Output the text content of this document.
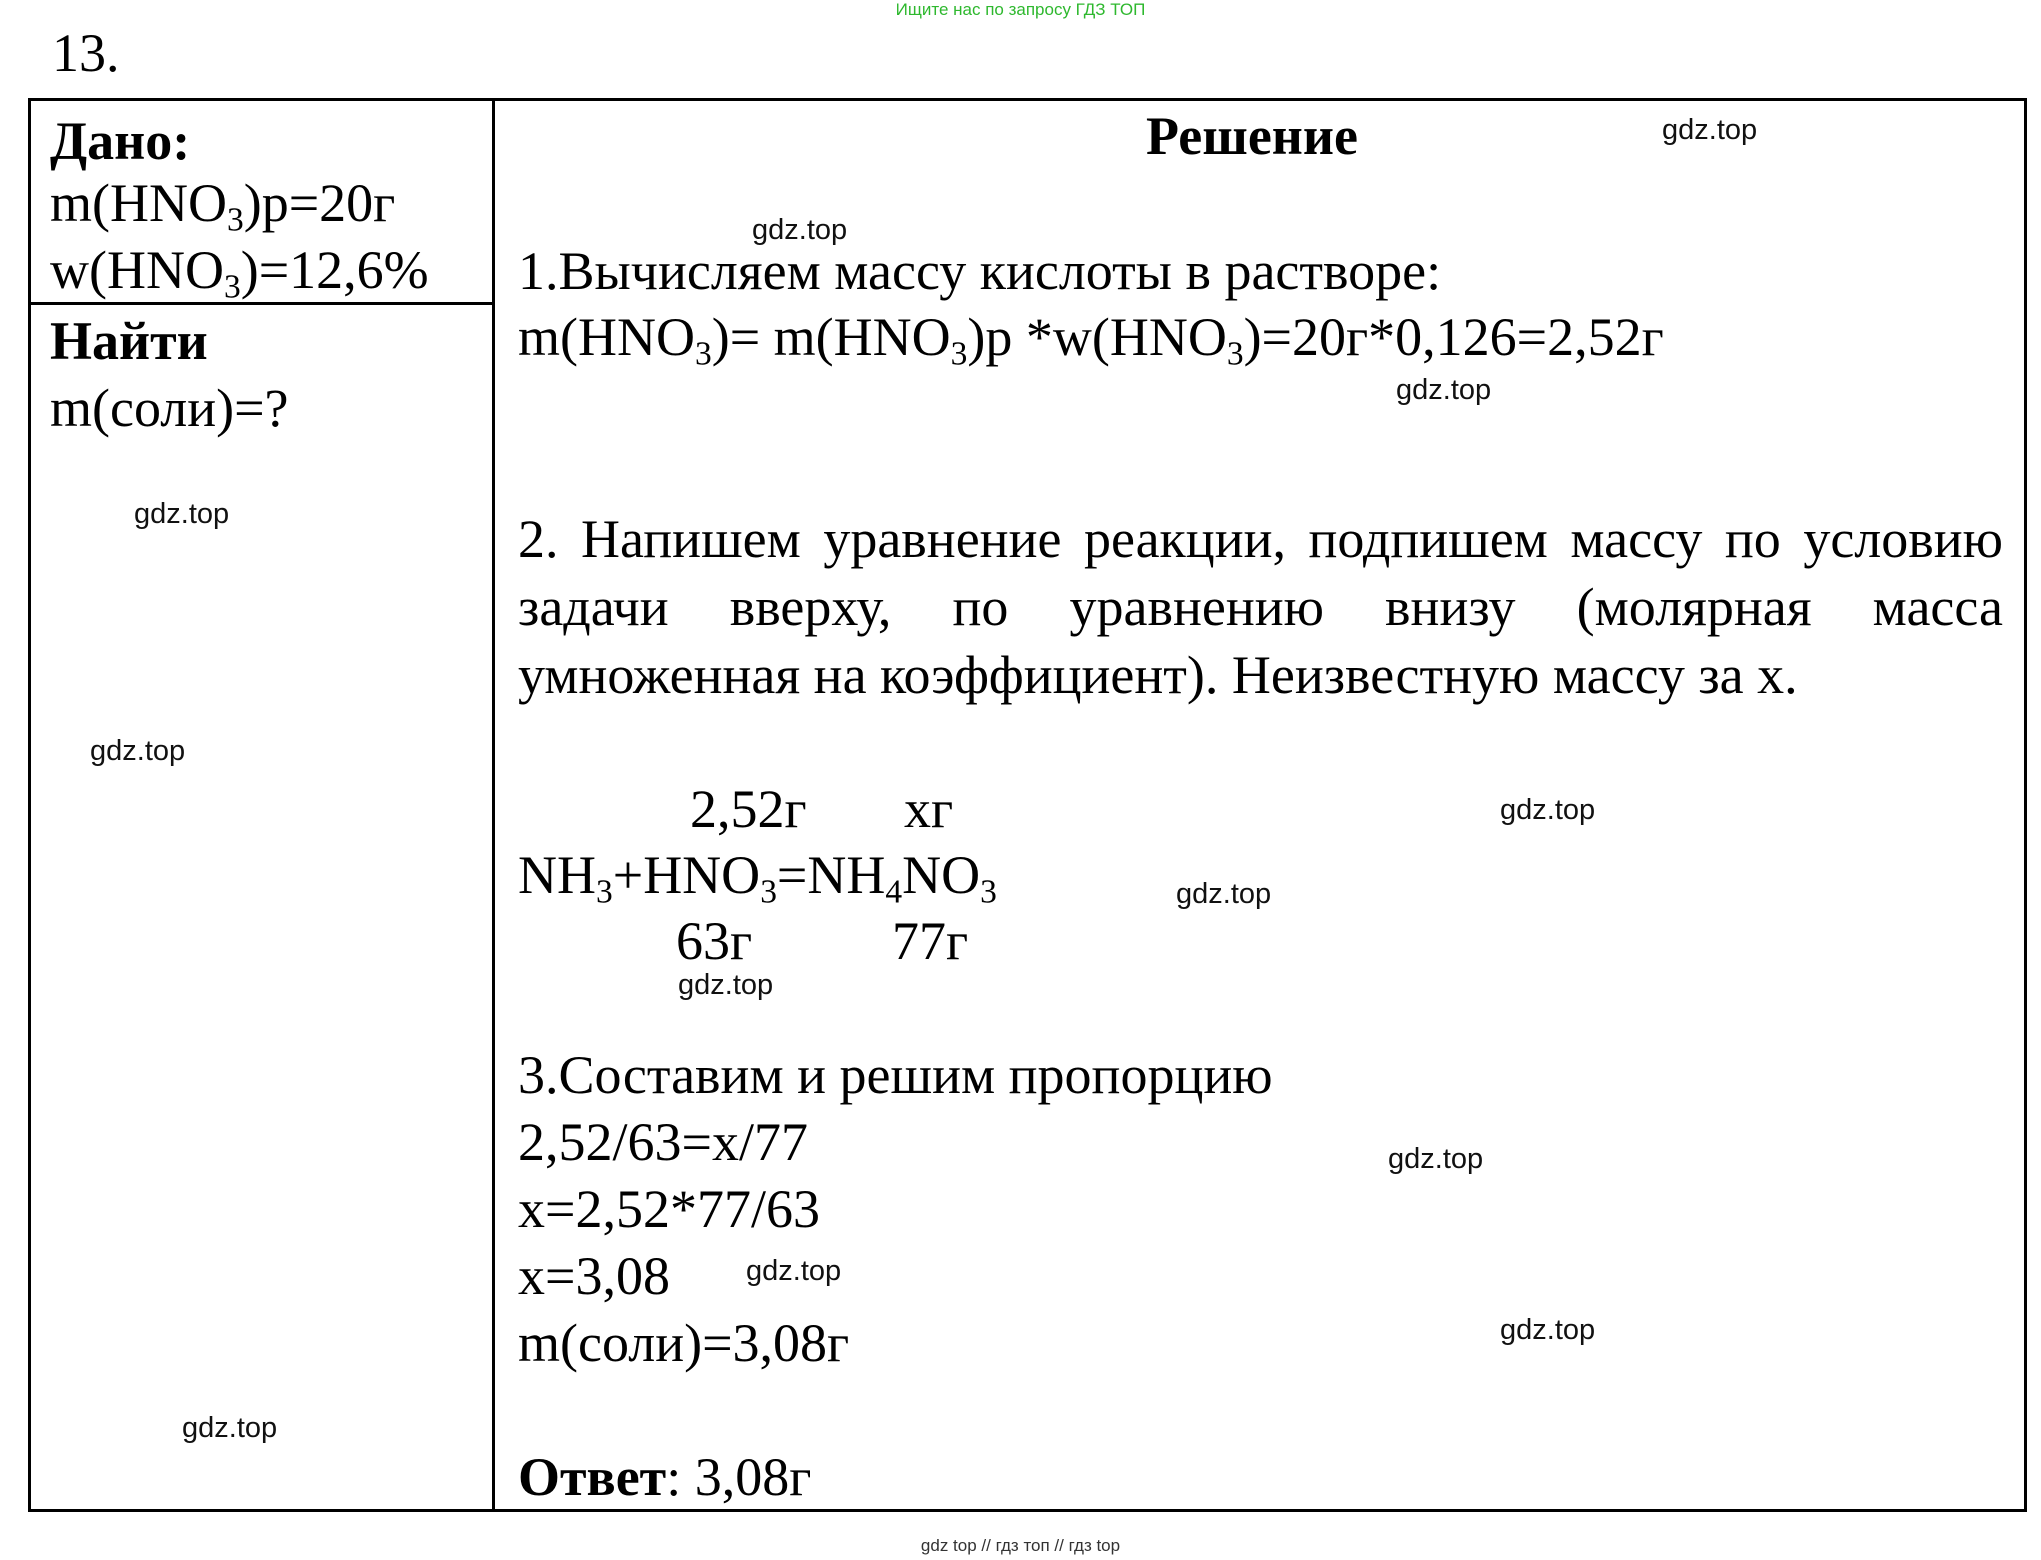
Ищите нас по запросу ГДЗ ТОП
13.
Дано:
$m(HNO_3)р=20г$
$w(HNO_3)=12,6\%$
Найти
m(соли)=?
Решение
1.Вычисляем массу кислоты в растворе:
$m(HNO_3)= m(HNO_3)р$ $*w(HNO_3)=20г*0,126=2,52г$
2. Напишем уравнение реакции, подпишем массу по условию задачи вверху, по уравнению внизу (молярная масса умноженная на коэффициент). Неизвестную массу за х.
2,52г хг
$NH_3+HNO_3=NH_4NO_3$
63г	77г
3.Составим и решим пропорцию
2,52/63=х/77
х=2,52*77/63
х=3,08
m(соли)=3,08г
Ответ: 3,08г
gdz.top
gdz.top
gdz.top
gdz.top
gdz.top
gdz.top
gdz.top
gdz.top
gdz.top
gdz.top
gdz.top
gdz.top
gdz top // гдз топ // гдз top
